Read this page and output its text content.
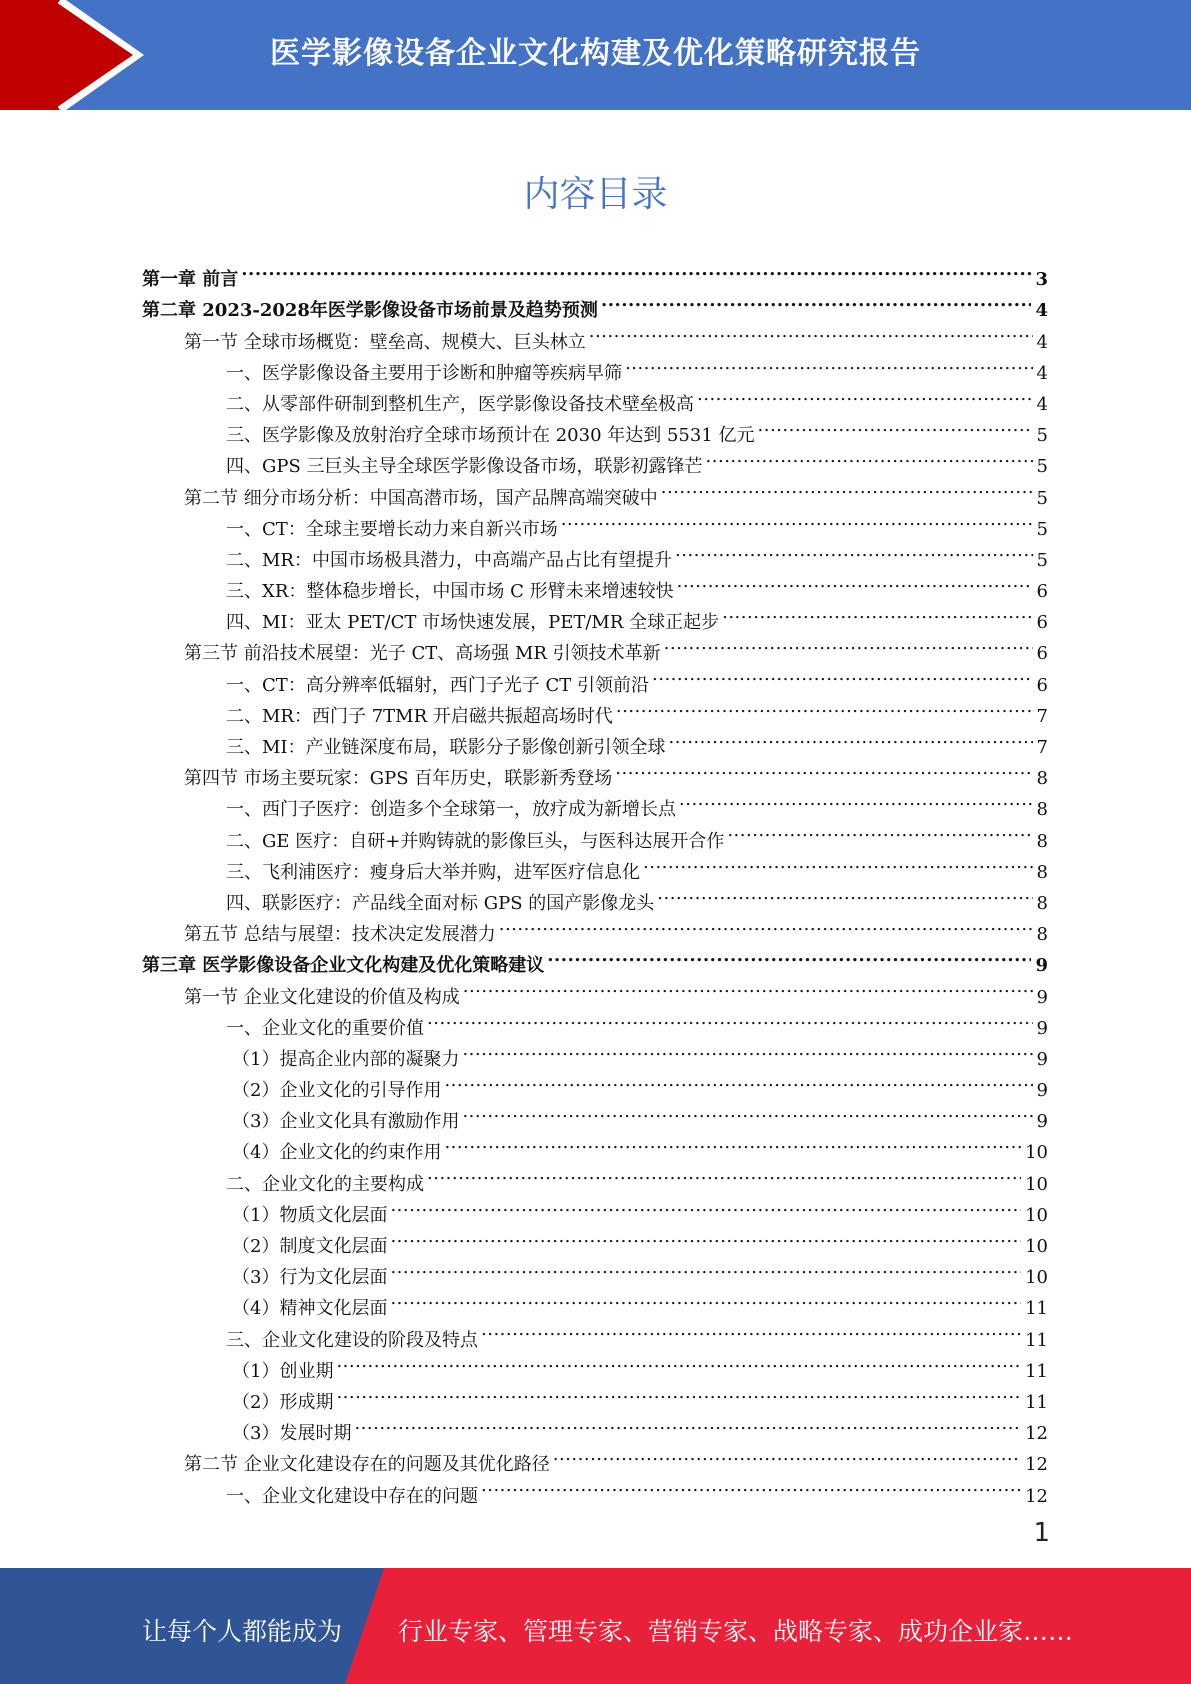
医学影像设备企业文化构建及优化策略研究报告
内容目录
第一章 前言 .....	3
第二章 2023-2028年医学影像设备市场前景及趋势预测 .....	4
第一节 全球市场概览：壁垒高、规模大、巨头林立 .....	4
一、医学影像设备主要用于诊断和肿瘤等疾病早筛 .....	4
二、从零部件研制到整机生产，医学影像设备技术壁垒极高 .....	4
三、医学影像及放射治疗全球市场预计在 2030 年达到 5531 亿元 .....	5
四、GPS 三巨头主导全球医学影像设备市场，联影初露锋芒 .....	5
第二节 细分市场分析：中国高潜市场，国产品牌高端突破中 .....	5
一、CT：全球主要增长动力来自新兴市场 .....	5
二、MR：中国市场极具潜力，中高端产品占比有望提升 .....	5
三、XR：整体稳步增长，中国市场 C 形臂未来增速较快 .....	6
四、MI：亚太 PET/CT 市场快速发展，PET/MR 全球正起步 .....	6
第三节 前沿技术展望：光子 CT、高场强 MR 引领技术革新 .....	6
一、CT：高分辨率低辐射，西门子光子 CT 引领前沿 .....	6
二、MR：西门子 7TMR 开启磁共振超高场时代 .....	7
三、MI：产业链深度布局，联影分子影像创新引领全球 .....	7
第四节 市场主要玩家：GPS 百年历史，联影新秀登场 .....	8
一、西门子医疗：创造多个全球第一，放疗成为新增长点 .....	8
二、GE 医疗：自研+并购铸就的影像巨头，与医科达展开合作 .....	8
三、飞利浦医疗：瘦身后大举并购，进军医疗信息化 .....	8
四、联影医疗：产品线全面对标 GPS 的国产影像龙头 .....	8
第五节 总结与展望：技术决定发展潜力 .....	8
第三章 医学影像设备企业文化构建及优化策略建议 .....	9
第一节 企业文化建设的价值及构成 .....	9
一、企业文化的重要价值 .....	9
（1）提高企业内部的凝聚力 .....	9
（2）企业文化的引导作用 .....	9
（3）企业文化具有激励作用 .....	9
（4）企业文化的约束作用 .....	10
二、企业文化的主要构成 .....	10
（1）物质文化层面 .....	10
（2）制度文化层面 .....	10
（3）行为文化层面 .....	10
（4）精神文化层面 .....	11
三、企业文化建设的阶段及特点 .....	11
（1）创业期 .....	11
（2）形成期 .....	11
（3）发展时期 .....	12
第二节 企业文化建设存在的问题及其优化路径 .....	12
一、企业文化建设中存在的问题 .....	12
1
让每个人都能成为 行业专家、管理专家、营销专家、战略专家、成功企业家……
